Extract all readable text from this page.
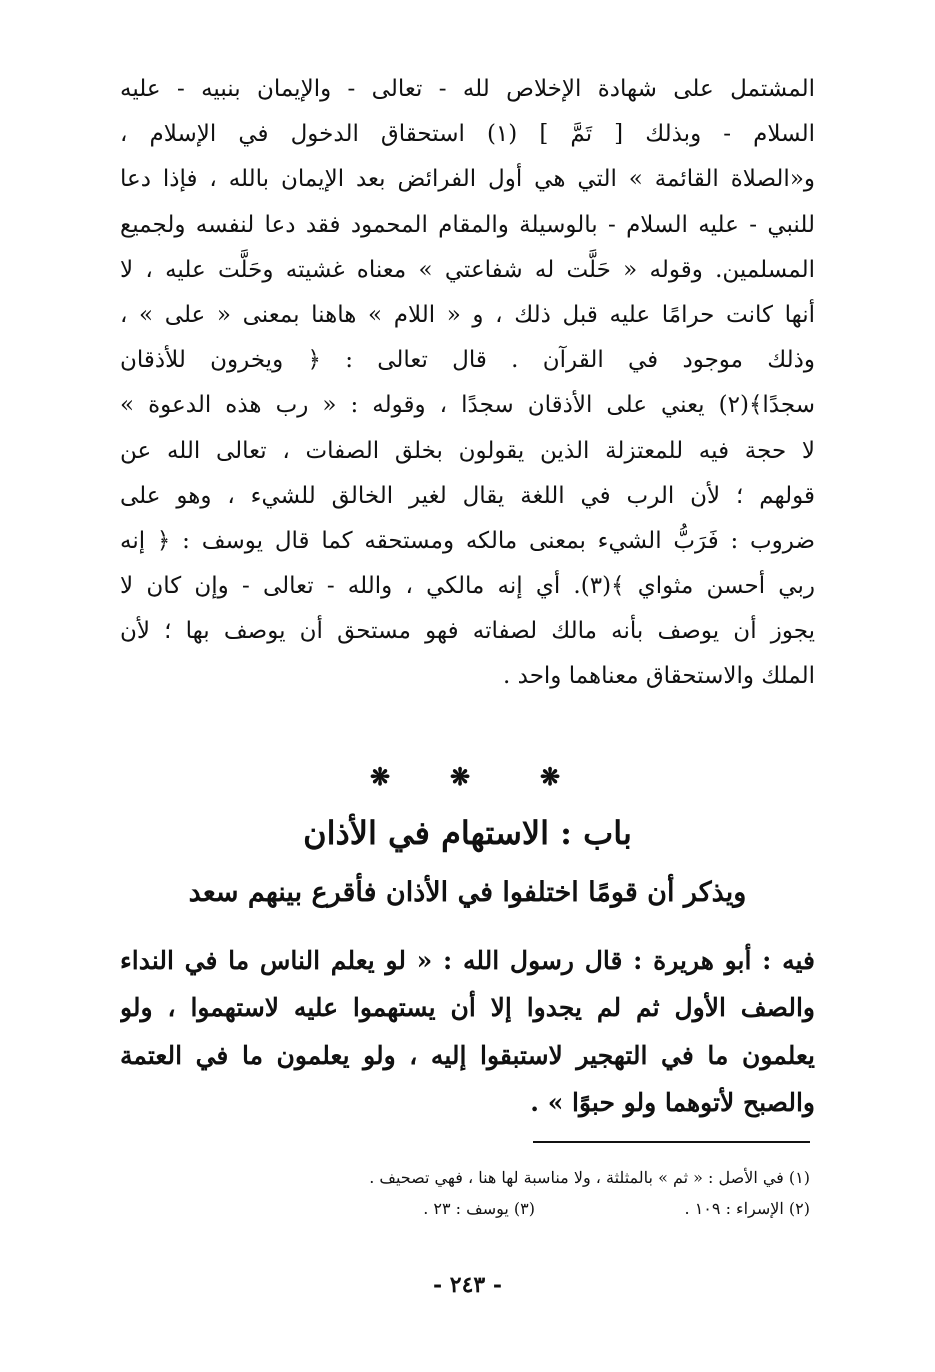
المشتمل على شهادة الإخلاص لله - تعالى - والإيمان بنبيه - عليه
السلام - وبذلك [ تَمَّ ] (١) استحقاق الدخول في الإسلام ،
و«الصلاة القائمة » التي هي أول الفرائض بعد الإيمان بالله ، فإذا دعا
للنبي - عليه السلام - بالوسيلة والمقام المحمود فقد دعا لنفسه ولجميع
المسلمين. وقوله « حَلَّت له شفاعتي » معناه غشيته وحَلَّت عليه ، لا
أنها كانت حرامًا عليه قبل ذلك ، و « اللام » هاهنا بمعنى « على » ،
وذلك موجود في القرآن . قال تعالى : ﴿ ويخرون للأذقان
سجدًا﴾(٢) يعني على الأذقان سجدًا ، وقوله : « رب هذه الدعوة »
لا حجة فيه للمعتزلة الذين يقولون بخلق الصفات ، تعالى الله عن
قولهم ؛ لأن الرب في اللغة يقال لغير الخالق للشيء ، وهو على
ضروب : فَرَبُّ الشيء بمعنى مالكه ومستحقه كما قال يوسف : ﴿ إنه
ربي أحسن مثواي ﴾(٣). أي إنه مالكي ، والله - تعالى - وإن كان لا
يجوز أن يوصف بأنه مالك لصفاته فهو مستحق أن يوصف بها ؛ لأن
الملك والاستحقاق معناهما واحد .
❋ ❋	❋
باب : الاستهام في الأذان
ويذكر أن قومًا اختلفوا في الأذان فأقرع بينهم سعد
فيه : أبو هريرة : قال رسول الله : « لو يعلم الناس ما في النداء
والصف الأول ثم لم يجدوا إلا أن يستهموا عليه لاستهموا ، ولو
يعلمون ما في التهجير لاستبقوا إليه ، ولو يعلمون ما في العتمة
والصبح لأتوهما ولو حبوًا » .
(١) في الأصل : « ثم » بالمثلثة ، ولا مناسبة لها هنا ، فهي تصحيف .
(٢) الإسراء : ١٠٩ .
(٣) يوسف : ٢٣ .
- ٢٤٣ -
